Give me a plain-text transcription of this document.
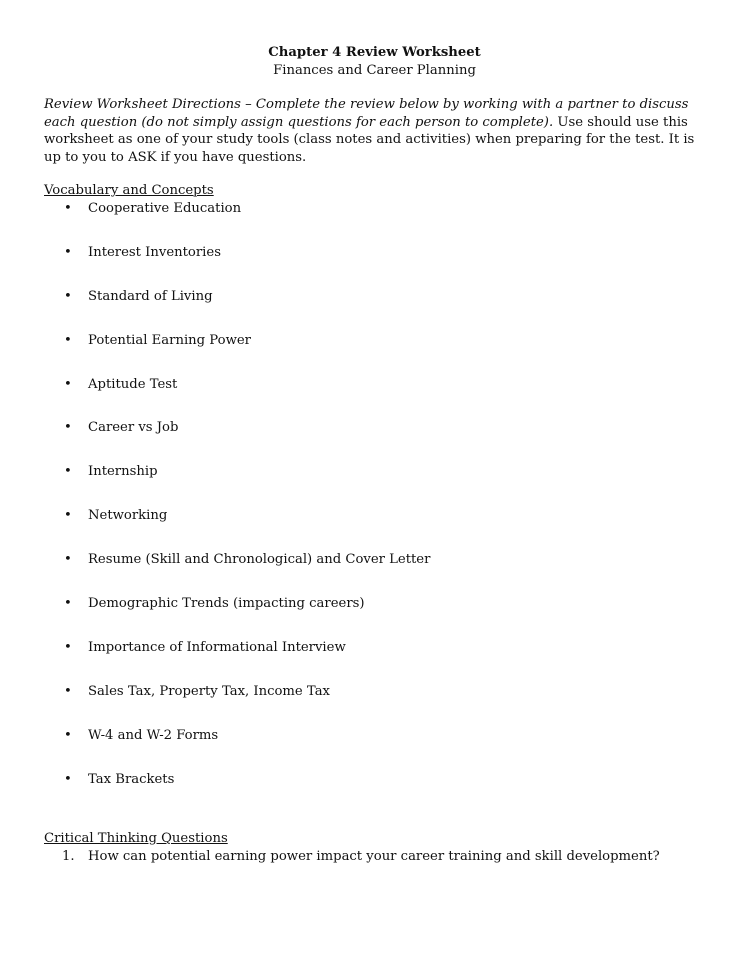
Chapter 4 Review Worksheet
Finances and Career Planning
Review Worksheet Directions – Complete the review below by working with a partner to discuss each question (do not simply assign questions for each person to complete). Use should use this worksheet as one of your study tools (class notes and activities) when preparing for the test. It is up to you to ASK if you have questions.
Vocabulary and Concepts
• Cooperative Education
• Interest Inventories
• Standard of Living
• Potential Earning Power
• Aptitude Test
• Career vs Job
• Internship
• Networking
• Resume (Skill and Chronological) and Cover Letter
• Demographic Trends (impacting careers)
• Importance of Informational Interview
• Sales Tax, Property Tax, Income Tax
• W-4 and W-2 Forms
• Tax Brackets
Critical Thinking Questions
1. How can potential earning power impact your career training and skill development?
